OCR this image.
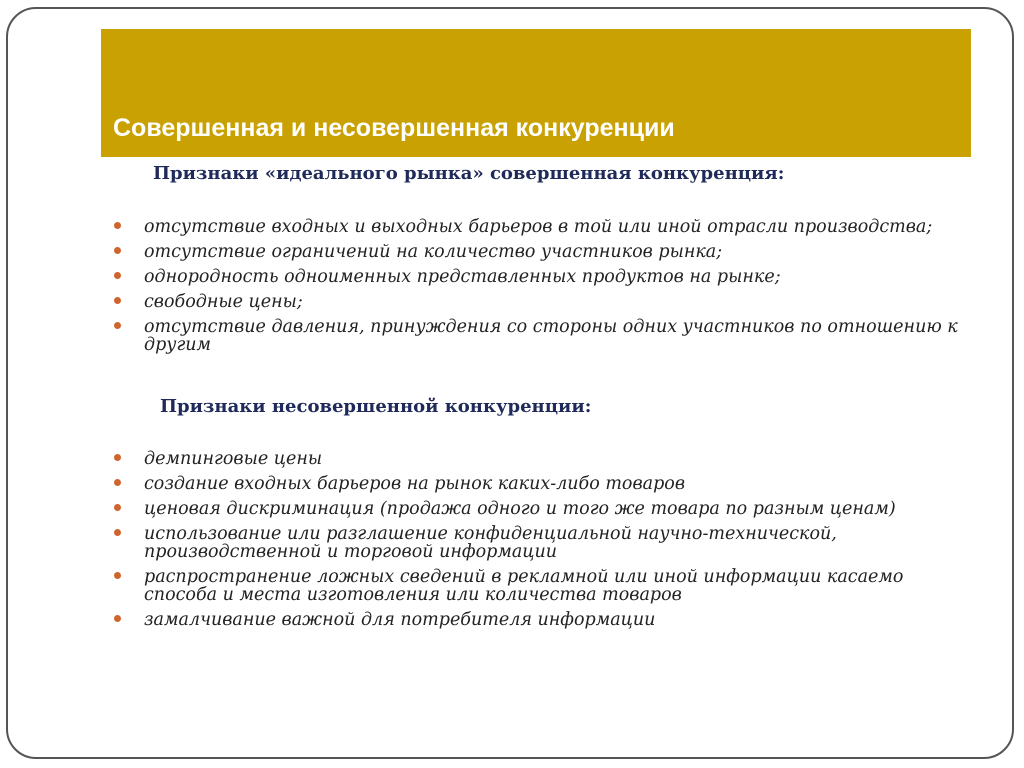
Совершенная и несовершенная конкуренции
Признаки «идеального рынка» совершенная конкуренция:
отсутствие входных и выходных барьеров в той или иной отрасли производства;
отсутствие ограничений на количество участников рынка;
однородность одноименных представленных продуктов на рынке;
свободные цены;
отсутствие давления, принуждения со стороны одних участников по отношению к другим
Признаки несовершенной конкуренции:
демпинговые цены
создание входных барьеров на рынок каких-либо товаров
ценовая дискриминация (продажа одного и того же товара по разным ценам)
использование или разглашение конфиденциальной научно-технической, производственной и торговой информации
распространение ложных сведений в рекламной или иной информации касаемо способа и места изготовления или количества товаров
замалчивание важной для потребителя информации
